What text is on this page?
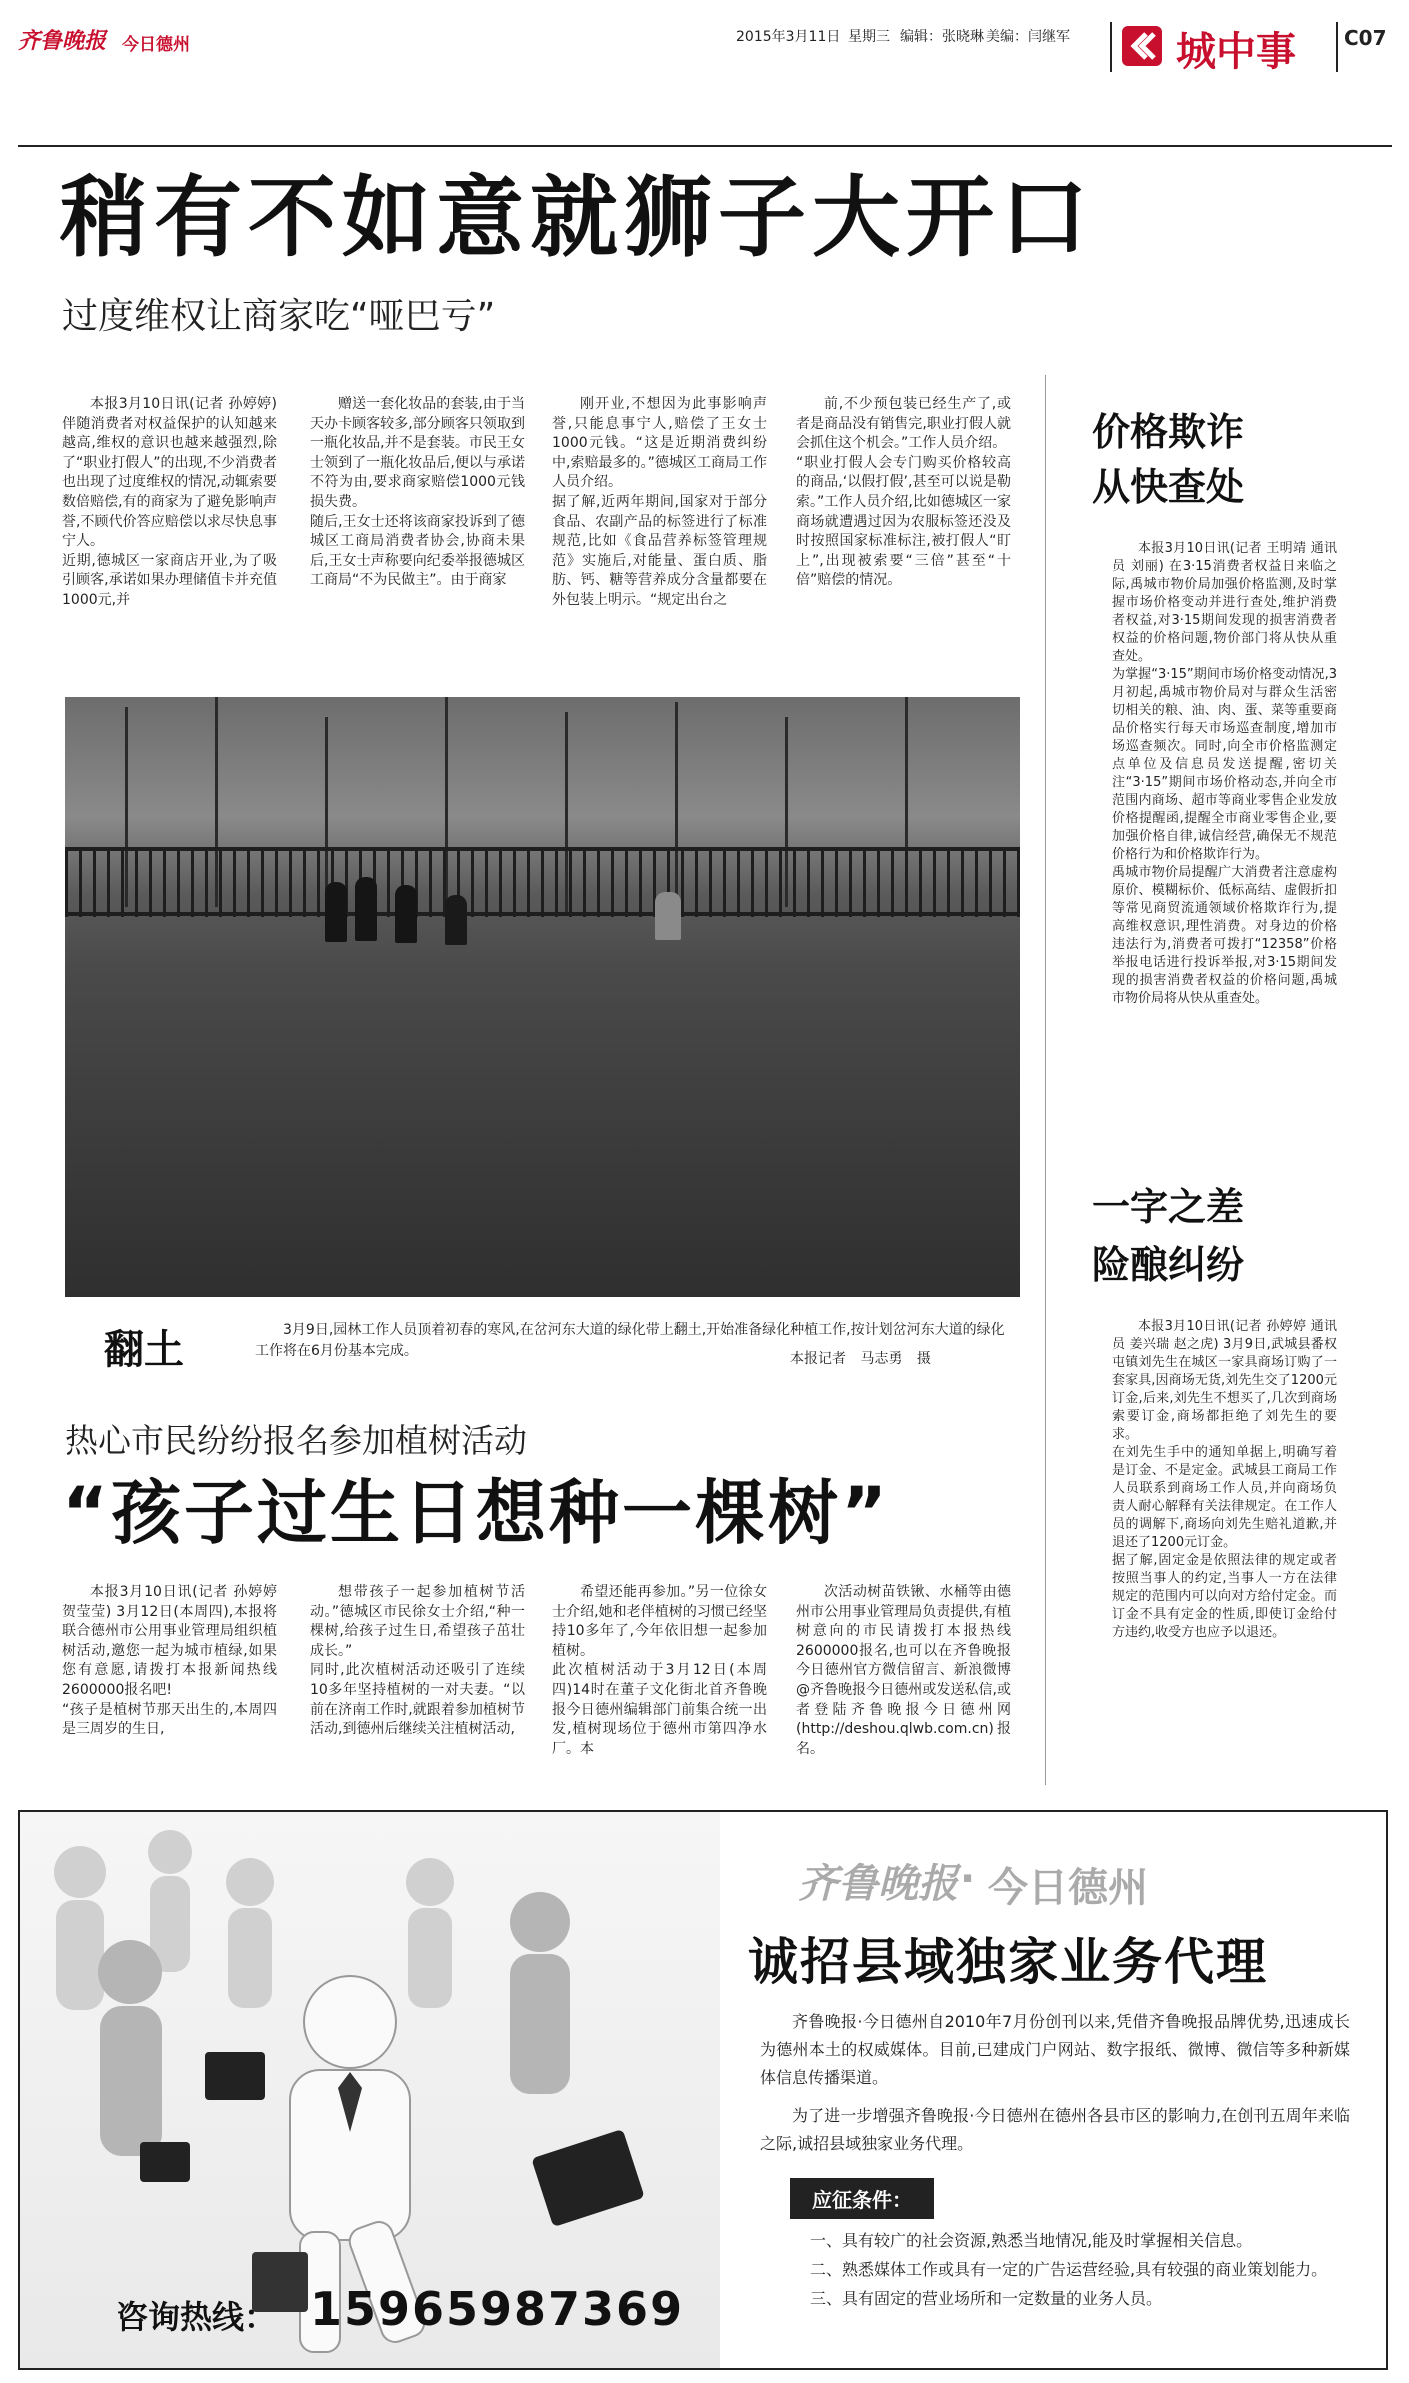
齐鲁晚报 今日德州	2015年3月11日 星期三 编辑：张晓琳 美编：闫继军	城中事 C07
稍有不如意就狮子大开口
过度维权让商家吃“哑巴亏”
本报3月10日讯(记者 孙婷婷) 伴随消费者对权益保护的认知越来越高,维权的意识也越来越强烈,除了“职业打假人”的出现,不少消费者也出现了过度维权的情况,动辄索要数倍赔偿,有的商家为了避免影响声誉,不顾代价答应赔偿以求尽快息事宁人。
近期,德城区一家商店开业,为了吸引顾客,承诺如果办理储值卡并充值1000元,并
赠送一套化妆品的套装,由于当天办卡顾客较多,部分顾客只领取到一瓶化妆品,并不是套装。市民王女士领到了一瓶化妆品后,便以与承诺不符为由,要求商家赔偿1000元钱损失费。
随后,王女士还将该商家投诉到了德城区工商局消费者协会,协商未果后,王女士声称要向纪委举报德城区工商局“不为民做主”。由于商家
刚开业,不想因为此事影响声誉,只能息事宁人,赔偿了王女士1000元钱。“这是近期消费纠纷中,索赔最多的。”德城区工商局工作人员介绍。
据了解,近两年期间,国家对于部分食品、农副产品的标签进行了标准规范,比如《食品营养标签管理规范》实施后,对能量、蛋白质、脂肪、钙、糖等营养成分含量都要在外包装上明示。“规定出台之
前,不少预包装已经生产了,或者是商品没有销售完,职业打假人就会抓住这个机会。”工作人员介绍。
“职业打假人会专门购买价格较高的商品,‘以假打假’,甚至可以说是勒索。”工作人员介绍,比如德城区一家商场就遭遇过因为农服标签还没及时按照国家标准标注,被打假人“盯上”,出现被索要“三倍”甚至“十倍”赔偿的情况。
翻土	3月9日,园林工作人员顶着初春的寒风,在岔河东大道的绿化带上翻土,开始准备绿化种植工作,按计划岔河东大道的绿化工作将在6月份基本完成。	本报记者 马志勇 摄
热心市民纷纷报名参加植树活动
“孩子过生日想种一棵树”
本报3月10日讯(记者 孙婷婷 贺莹莹) 3月12日(本周四),本报将联合德州市公用事业管理局组织植树活动,邀您一起为城市植绿,如果您有意愿,请拨打本报新闻热线2600000报名吧!
“孩子是植树节那天出生的,本周四是三周岁的生日,
想带孩子一起参加植树节活动。”德城区市民徐女士介绍,“种一棵树,给孩子过生日,希望孩子茁壮成长。”
同时,此次植树活动还吸引了连续10多年坚持植树的一对夫妻。“以前在济南工作时,就跟着参加植树节活动,到德州后继续关注植树活动,
希望还能再参加。”另一位徐女士介绍,她和老伴植树的习惯已经坚持10多年了,今年依旧想一起参加植树。
此次植树活动于3月12日(本周四)14时在董子文化街北首齐鲁晚报今日德州编辑部门前集合统一出发,植树现场位于德州市第四净水厂。本
次活动树苗铁锹、水桶等由德州市公用事业管理局负责提供,有植树意向的市民请拨打本报热线2600000报名,也可以在齐鲁晚报今日德州官方微信留言、新浪微博@齐鲁晚报今日德州或发送私信,或者登陆齐鲁晚报今日德州网(http://deshou.qlwb.com.cn)报名。
价格欺诈
从快查处
本报3月10日讯(记者 王明靖 通讯员 刘丽) 在3·15消费者权益日来临之际,禹城市物价局加强价格监测,及时掌握市场价格变动并进行查处,维护消费者权益,对3·15期间发现的损害消费者权益的价格问题,物价部门将从快从重查处。
为掌握“3·15”期间市场价格变动情况,3月初起,禹城市物价局对与群众生活密切相关的粮、油、肉、蛋、菜等重要商品价格实行每天市场巡查制度,增加市场巡查频次。同时,向全市价格监测定点单位及信息员发送提醒,密切关注“3·15”期间市场价格动态,并向全市范围内商场、超市等商业零售企业发放价格提醒函,提醒全市商业零售企业,要加强价格自律,诚信经营,确保无不规范价格行为和价格欺诈行为。
禹城市物价局提醒广大消费者注意虚构原价、模糊标价、低标高结、虚假折扣等常见商贸流通领域价格欺诈行为,提高维权意识,理性消费。对身边的价格违法行为,消费者可拨打“12358”价格举报电话进行投诉举报,对3·15期间发现的损害消费者权益的价格问题,禹城市物价局将从快从重查处。
一字之差
险酿纠纷
本报3月10日讯(记者 孙婷婷 通讯员 姜兴瑞 赵之虎) 3月9日,武城县番权屯镇刘先生在城区一家具商场订购了一套家具,因商场无货,刘先生交了1200元订金,后来,刘先生不想买了,几次到商场索要订金,商场都拒绝了刘先生的要求。
在刘先生手中的通知单据上,明确写着是订金、不是定金。武城县工商局工作人员联系到商场工作人员,并向商场负责人耐心解释有关法律规定。在工作人员的调解下,商场向刘先生赔礼道歉,并退还了1200元订金。
据了解,固定金是依照法律的规定或者按照当事人的约定,当事人一方在法律规定的范围内可以向对方给付定金。而订金不具有定金的性质,即使订金给付方违约,收受方也应予以退还。
齐鲁晚报 · 今日德州
诚招县域独家业务代理
齐鲁晚报·今日德州自2010年7月份创刊以来,凭借齐鲁晚报品牌优势,迅速成长为德州本土的权威媒体。目前,已建成门户网站、数字报纸、微博、微信等多种新媒体信息传播渠道。
为了进一步增强齐鲁晚报·今日德州在德州各县市区的影响力,在创刊五周年来临之际,诚招县域独家业务代理。
应征条件：
一、具有较广的社会资源,熟悉当地情况,能及时掌握相关信息。
二、熟悉媒体工作或具有一定的广告运营经验,具有较强的商业策划能力。
三、具有固定的营业场所和一定数量的业务人员。
咨询热线： 15965987369
